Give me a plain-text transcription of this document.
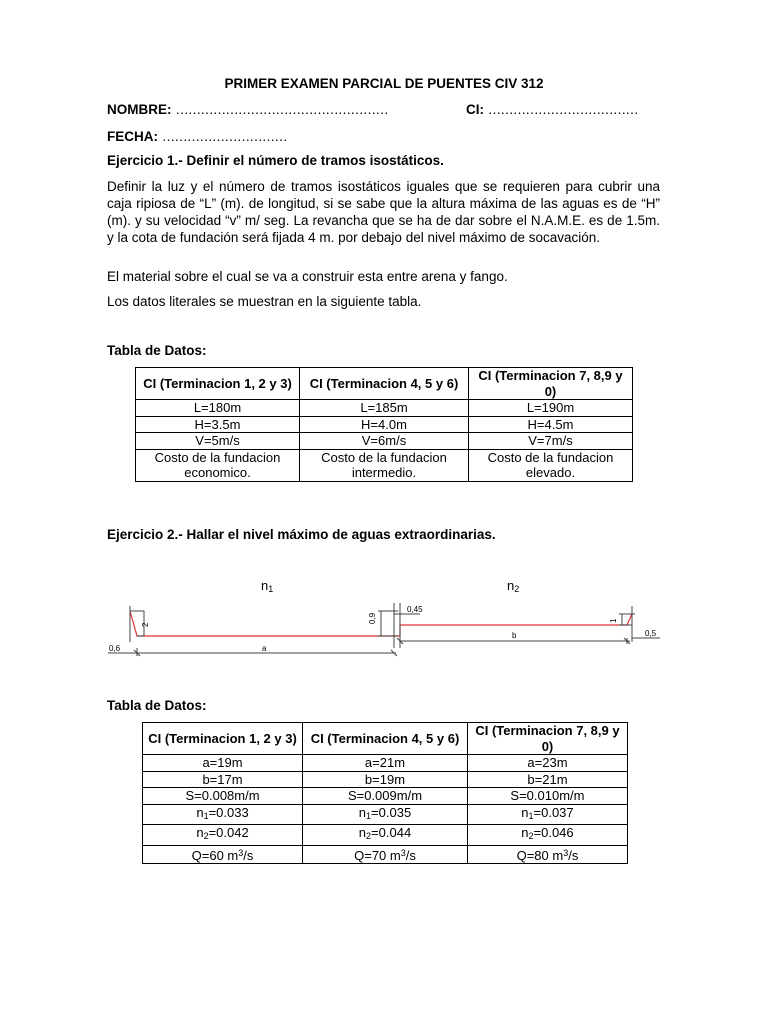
PRIMER EXAMEN PARCIAL DE PUENTES CIV 312
NOMBRE: ……………………………………………	CI: ………………………………
FECHA: …………………………
Ejercicio 1.- Definir el número de tramos isostáticos.
Definir la luz y el número de tramos isostáticos iguales que se requieren para cubrir una caja ripiosa de “L” (m). de longitud, si se sabe que la altura máxima de las aguas es de “H” (m). y su velocidad “v” m/ seg. La revancha que se ha de dar sobre el N.A.M.E. es de 1.5m. y la cota de fundación será fijada 4 m. por debajo del nivel máximo de socavación.
El material sobre el cual se va a construir esta entre arena y fango.
Los datos literales se muestran en la siguiente tabla.
Tabla de Datos:
CI (Terminacion 1, 2 y 3)	CI (Terminacion 4, 5 y 6)	CI (Terminacion 7, 8,9 y 0)
L=180m	L=185m	L=190m
H=3.5m	H=4.0m	H=4.5m
V=5m/s	V=6m/s	V=7m/s
Costo de la fundacion economico.	Costo de la fundacion intermedio.	Costo de la fundacion elevado.
Ejercicio 2.- Hallar el nivel máximo de aguas extraordinarias.
$n_1$	$n_2$
2
0,6	a
0,9
0,45
b
1
0,5
Tabla de Datos:
CI (Terminacion 1, 2 y 3)	CI (Terminacion 4, 5 y 6)	CI (Terminacion 7, 8,9 y 0)
a=19m	a=21m	a=23m
b=17m	b=19m	b=21m
S=0.008m/m	S=0.009m/m	S=0.010m/m
$n_1=0.033$	$n_1=0.035$	$n_1=0.037$
$n_2=0.042$	$n_2=0.044$	$n_2=0.046$
Q=60 $m^3/s$	Q=70 $m^3/s$	Q=80 $m^3/s$
